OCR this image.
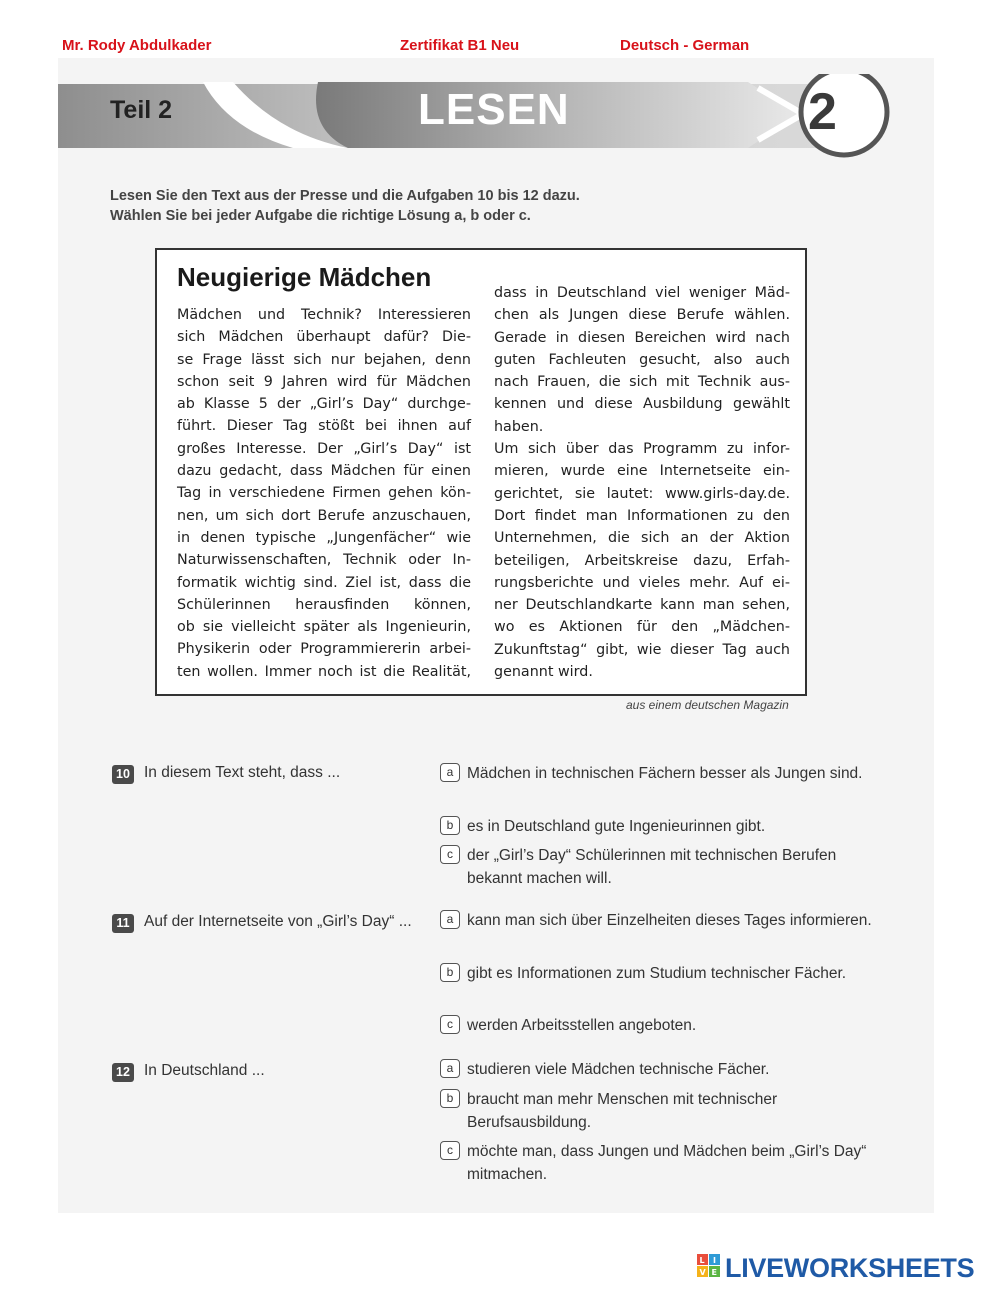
Mr. Rody Abdulkader	Zertifikat B1 Neu	Deutsch - German
Teil 2	LESEN	2
Lesen Sie den Text aus der Presse und die Aufgaben 10 bis 12 dazu.
Wählen Sie bei jeder Aufgabe die richtige Lösung a, b oder c.
Neugierige Mädchen
Mädchen und Technik? Interessieren
sich Mädchen überhaupt dafür? Die-
se Frage lässt sich nur bejahen, denn
schon seit 9 Jahren wird für Mädchen
ab Klasse 5 der „Girl’s Day“ durchge-
führt. Dieser Tag stößt bei ihnen auf
großes Interesse. Der „Girl’s Day“ ist
dazu gedacht, dass Mädchen für einen
Tag in verschiedene Firmen gehen kön-
nen, um sich dort Berufe anzuschauen,
in denen typische „Jungenfächer“ wie
Naturwissenschaften, Technik oder In-
formatik wichtig sind. Ziel ist, dass die
Schülerinnen herausfinden können,
ob sie vielleicht später als Ingenieurin,
Physikerin oder Programmiererin arbei-
ten wollen. Immer noch ist die Realität,
dass in Deutschland viel weniger Mäd-
chen als Jungen diese Berufe wählen.
Gerade in diesen Bereichen wird nach
guten Fachleuten gesucht, also auch
nach Frauen, die sich mit Technik aus-
kennen und diese Ausbildung gewählt
haben.
Um sich über das Programm zu infor-
mieren, wurde eine Internetseite ein-
gerichtet, sie lautet: www.girls-day.de.
Dort findet man Informationen zu den
Unternehmen, die sich an der Aktion
beteiligen, Arbeitskreise dazu, Erfah-
rungsberichte und vieles mehr. Auf ei-
ner Deutschlandkarte kann man sehen,
wo es Aktionen für den „Mädchen-
Zukunftstag“ gibt, wie dieser Tag auch
genannt wird.
aus einem deutschen Magazin
10 In diesem Text steht, dass ...	a Mädchen in technischen Fächern besser als Jungen sind.
b es in Deutschland gute Ingenieurinnen gibt.
c der „Girl’s Day“ Schülerinnen mit technischen Berufen bekannt machen will.
11 Auf der Internetseite von „Girl’s Day“ ...	a kann man sich über Einzelheiten dieses Tages informieren.
b gibt es Informationen zum Studium technischer Fächer.
c werden Arbeitsstellen angeboten.
12 In Deutschland ...	a studieren viele Mädchen technische Fächer.
b braucht man mehr Menschen mit technischer Berufsausbildung.
c möchte man, dass Jungen und Mädchen beim „Girl’s Day“ mitmachen.
L I
V E LIVEWORKSHEETS
